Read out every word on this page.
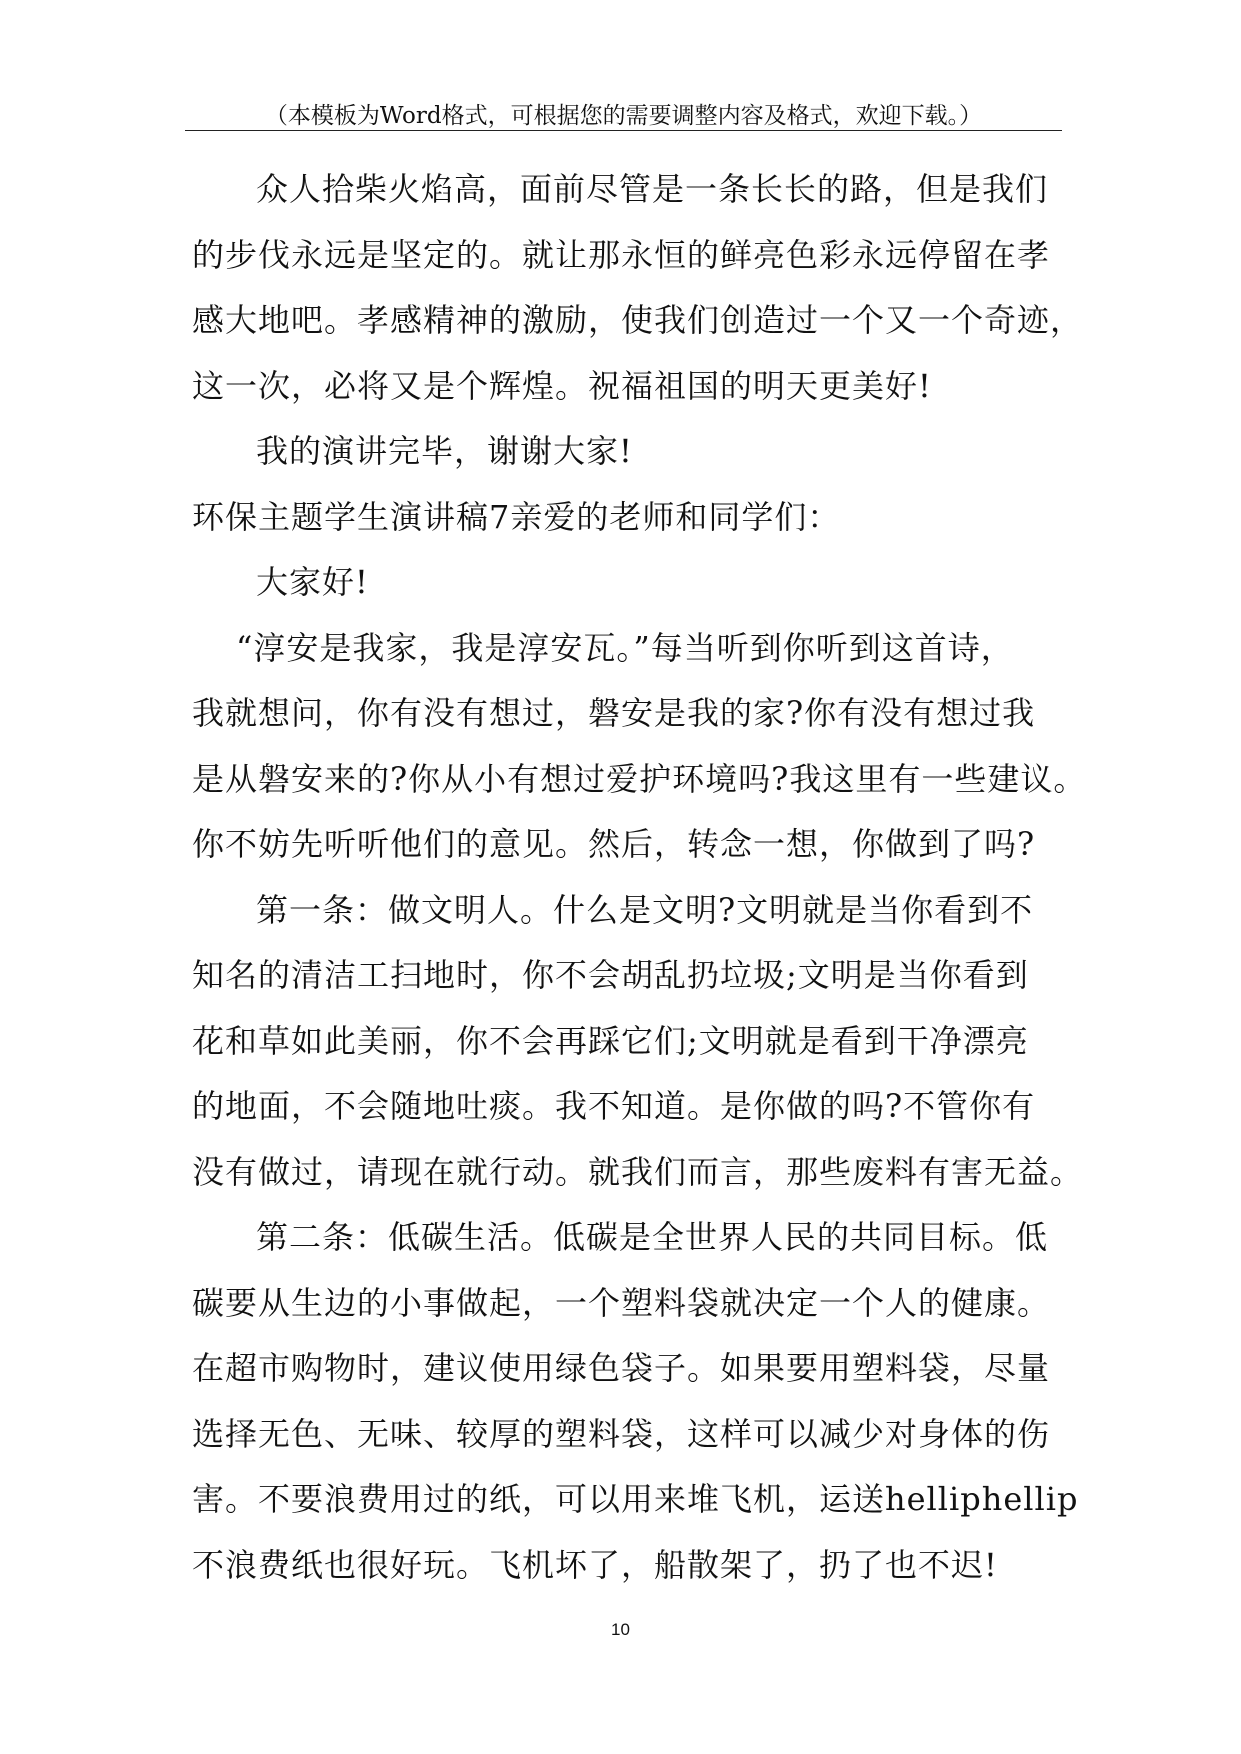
（本模板为Word格式，可根据您的需要调整内容及格式，欢迎下载。）
众人拾柴火焰高，面前尽管是一条长长的路，但是我们
的步伐永远是坚定的。就让那永恒的鲜亮色彩永远停留在孝
感大地吧。孝感精神的激励，使我们创造过一个又一个奇迹，
这一次，必将又是个辉煌。祝福祖国的明天更美好!
我的演讲完毕，谢谢大家!
环保主题学生演讲稿7亲爱的老师和同学们：
大家好!
“淳安是我家，我是淳安瓦。”每当听到你听到这首诗，
我就想问，你有没有想过，磐安是我的家?你有没有想过我
是从磐安来的?你从小有想过爱护环境吗?我这里有一些建议。
你不妨先听听他们的意见。然后，转念一想，你做到了吗?
第一条：做文明人。什么是文明?文明就是当你看到不
知名的清洁工扫地时，你不会胡乱扔垃圾;文明是当你看到
花和草如此美丽，你不会再踩它们;文明就是看到干净漂亮
的地面，不会随地吐痰。我不知道。是你做的吗?不管你有
没有做过，请现在就行动。就我们而言，那些废料有害无益。
第二条：低碳生活。低碳是全世界人民的共同目标。低
碳要从生边的小事做起，一个塑料袋就决定一个人的健康。
在超市购物时，建议使用绿色袋子。如果要用塑料袋，尽量
选择无色、无味、较厚的塑料袋，这样可以减少对身体的伤
害。不要浪费用过的纸，可以用来堆飞机，运送helliphellip
不浪费纸也很好玩。飞机坏了，船散架了，扔了也不迟!
10
